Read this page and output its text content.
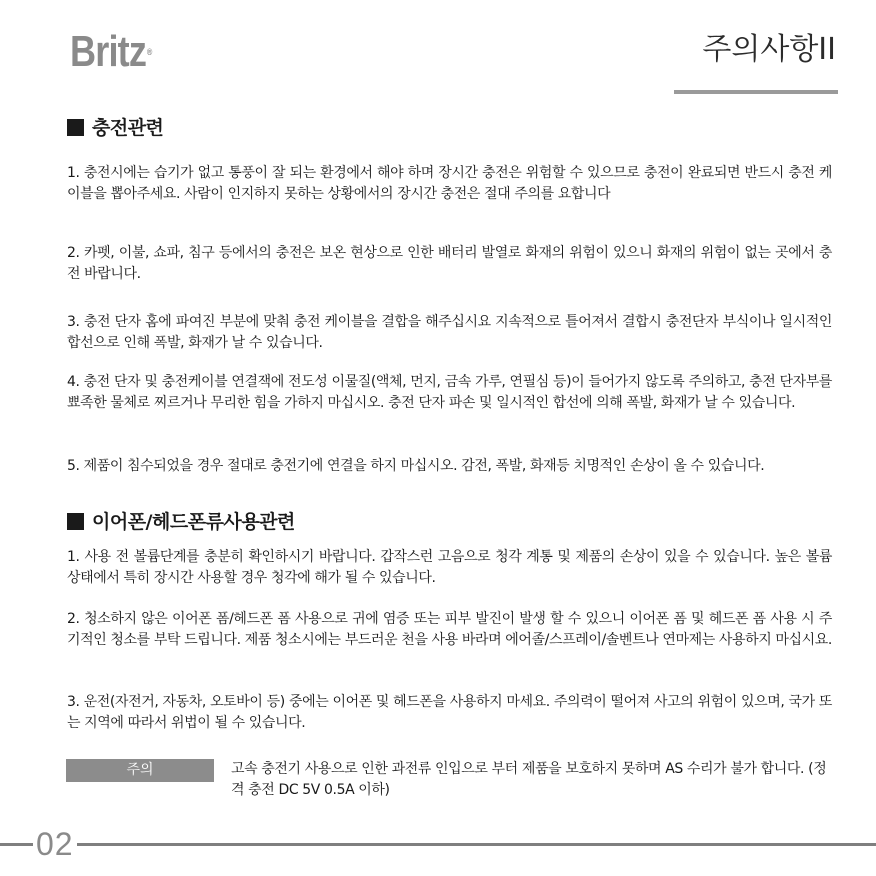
Britz®	주의사항II
충전관련
1. 충전시에는 습기가 없고 통풍이 잘 되는 환경에서 해야 하며 장시간 충전은 위험할 수 있으므로 충전이 완료되면 반드시 충전 케이블을 뽑아주세요. 사람이 인지하지 못하는 상황에서의 장시간 충전은 절대 주의를 요합니다
2. 카펫, 이불, 쇼파, 침구 등에서의 충전은 보온 현상으로 인한 배터리 발열로 화재의 위험이 있으니 화재의 위험이 없는 곳에서 충전 바랍니다.
3. 충전 단자 홈에 파여진 부분에 맞춰 충전 케이블을 결합을 해주십시요 지속적으로 틀어져서 결합시 충전단자 부식이나 일시적인 합선으로 인해 폭발, 화재가 날 수 있습니다.
4. 충전 단자 및 충전케이블 연결잭에 전도성 이물질(액체, 먼지, 금속 가루, 연필심 등)이 들어가지 않도록 주의하고, 충전 단자부를 뾰족한 물체로 찌르거나 무리한 힘을 가하지 마십시오. 충전 단자 파손 및 일시적인 합선에 의해 폭발, 화재가 날 수 있습니다.
5. 제품이 침수되었을 경우 절대로 충전기에 연결을 하지 마십시오. 감전, 폭발, 화재등 치명적인 손상이 올 수 있습니다.
이어폰/헤드폰류사용관련
1. 사용 전 볼륨단계를 충분히 확인하시기 바랍니다. 갑작스런 고음으로 청각 계통 및 제품의 손상이 있을 수 있습니다. 높은 볼륨 상태에서 특히 장시간 사용할 경우 청각에 해가 될 수 있습니다.
2. 청소하지 않은 이어폰 폼/헤드폰 폼 사용으로 귀에 염증 또는 피부 발진이 발생 할 수 있으니 이어폰 폼 및 헤드폰 폼 사용 시 주기적인 청소를 부탁 드립니다. 제품 청소시에는 부드러운 천을 사용 바라며 에어졸/스프레이/솔벤트나 연마제는 사용하지 마십시요.
3. 운전(자전거, 자동차, 오토바이 등) 중에는 이어폰 및 헤드폰을 사용하지 마세요. 주의력이 떨어져 사고의 위험이 있으며, 국가 또는 지역에 따라서 위법이 될 수 있습니다.
주의	고속 충전기 사용으로 인한 과전류 인입으로 부터 제품을 보호하지 못하며 AS 수리가 불가 합니다. (정격 충전 DC 5V 0.5A 이하)
02
